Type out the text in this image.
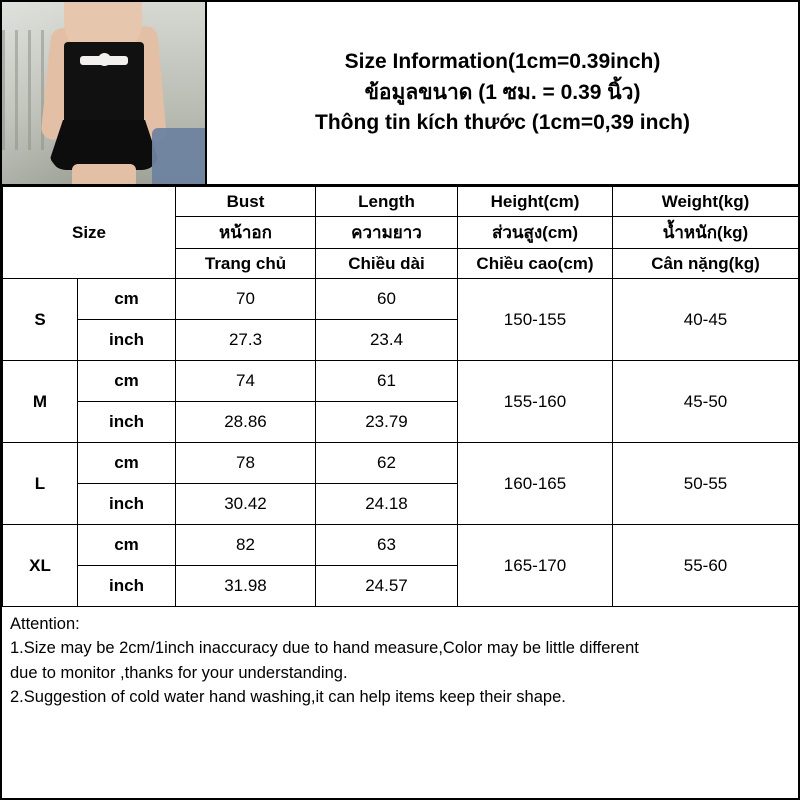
Size Information(1cm=0.39inch)
ข้อมูลขนาด (1 ซม. = 0.39 นิ้ว)
Thông tin kích thước (1cm=0,39 inch)
Size		Bust	Length	Height(cm)	Weight(kg)
		หน้าอก	ความยาว	ส่วนสูง(cm)	น้ำหนัก(kg)
		Trang chủ	Chiều dài	Chiều cao(cm)	Cân nặng(kg)
S	cm	70	60	150-155	40-45
	inch	27.3	23.4		
M	cm	74	61	155-160	45-50
	inch	28.86	23.79		
L	cm	78	62	160-165	50-55
	inch	30.42	24.18		
XL	cm	82	63	165-170	55-60
	inch	31.98	24.57		

Attention:

1.Size may be 2cm/1inch inaccuracy due to hand measure,Color may be little different

due to monitor ,thanks for your understanding.

2.Suggestion of cold water hand washing,it can help items keep their shape.
